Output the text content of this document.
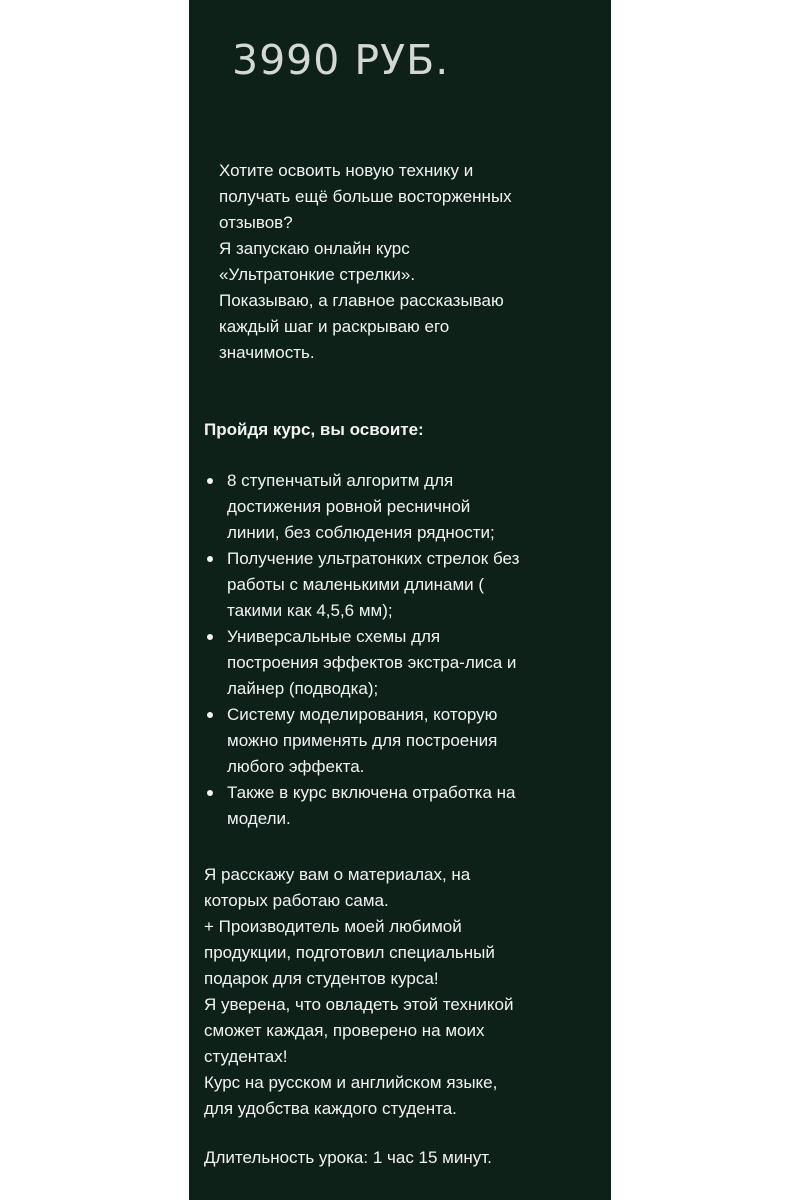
3990 РУБ.
Хотите освоить новую технику и
получать ещё больше восторженных
отзывов?
Я запускаю онлайн курс
«Ультратонкие стрелки».
Показываю, а главное рассказываю
каждый шаг и раскрываю его
значимость.
Пройдя курс, вы освоите:
8 ступенчатый алгоритм для
достижения ровной ресничной
линии, без соблюдения рядности;
Получение ультратонких стрелок без
работы с маленькими длинами (
такими как 4,5,6 мм);
Универсальные схемы для
построения эффектов экстра-лиса и
лайнер (подводка);
Систему моделирования, которую
можно применять для построения
любого эффекта.
Также в курс включена отработка на
модели.
Я расскажу вам о материалах, на
которых работаю сама.
+ Производитель моей любимой
продукции, подготовил специальный
подарок для студентов курса!
Я уверена, что овладеть этой техникой
сможет каждая, проверено на моих
студентах!
Курс на русском и английском языке,
для удобства каждого студента.
Длительность урока: 1 час 15 минут.
